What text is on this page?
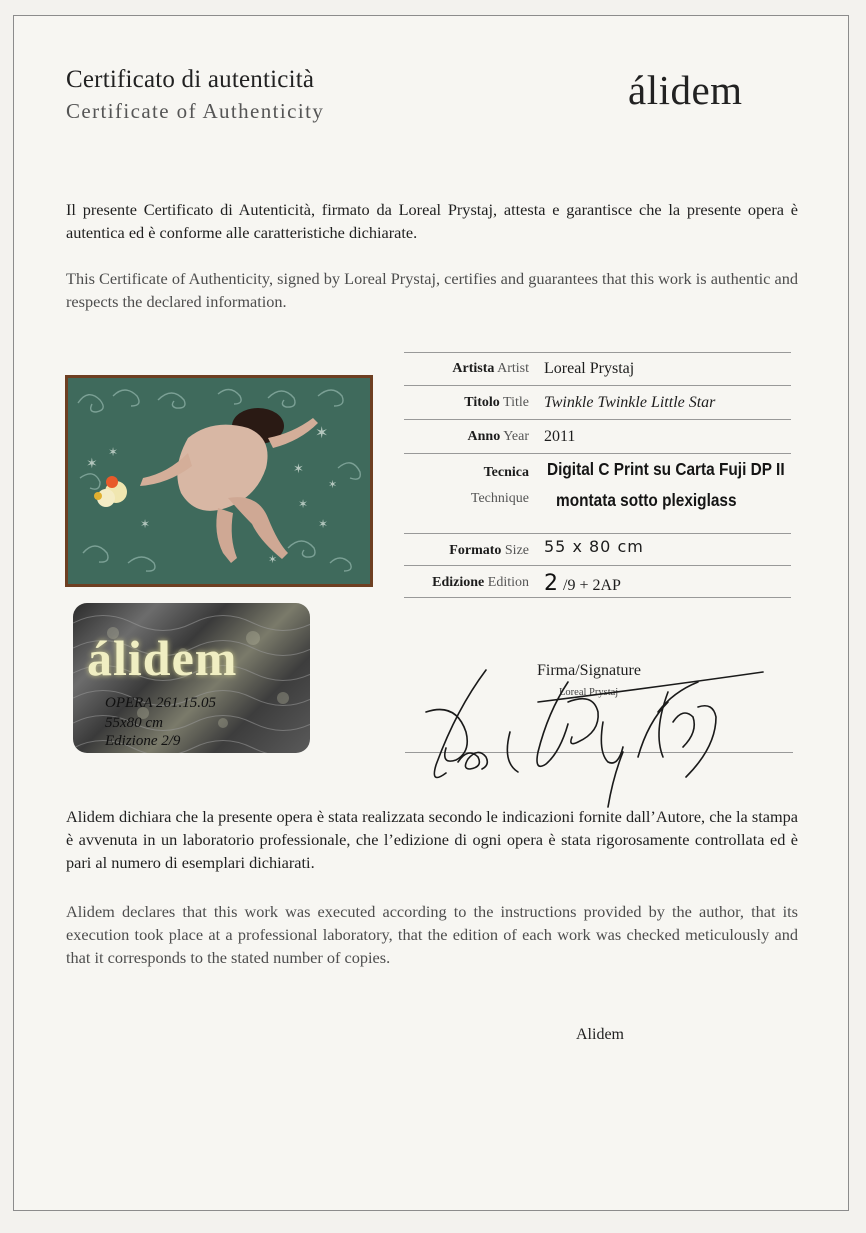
Certificato di autenticità
Certificate of Authenticity	álidem
Il presente Certificato di Autenticità, firmato da Loreal Prystaj, attesta e garantisce che la presente opera è autentica ed è conforme alle caratteristiche dichiarate.
This Certificate of Authenticity, signed by Loreal Prystaj, certifies and guarantees that this work is authentic and respects the declared information.
✶
✶
✶
✶
✶
✶
✶
✶
✶
álidem
OPERA 261.15.05
55x80 cm
Edizione 2/9
Artista Artist Loreal Prystaj
Titolo Title Twinkle Twinkle Little Star
Anno Year 2011
Tecnica
Technique
Digital C Print su Carta Fuji DP II
montata sotto plexiglass
Formato Size 55 x 80 cm
Edizione Edition 2 /9 + 2AP
Firma/Signature
Loreal Prystaj
Alidem dichiara che la presente opera è stata realizzata secondo le indicazioni fornite dall’Autore, che la stampa è avvenuta in un laboratorio professionale, che l’edizione di ogni opera è stata rigorosamente controllata ed è pari al numero di esemplari dichiarati.
Alidem declares that this work was executed according to the instructions provided by the author, that its execution took place at a professional laboratory, that the edition of each work was checked meticulously and that it corresponds to the stated number of copies.
Alidem
